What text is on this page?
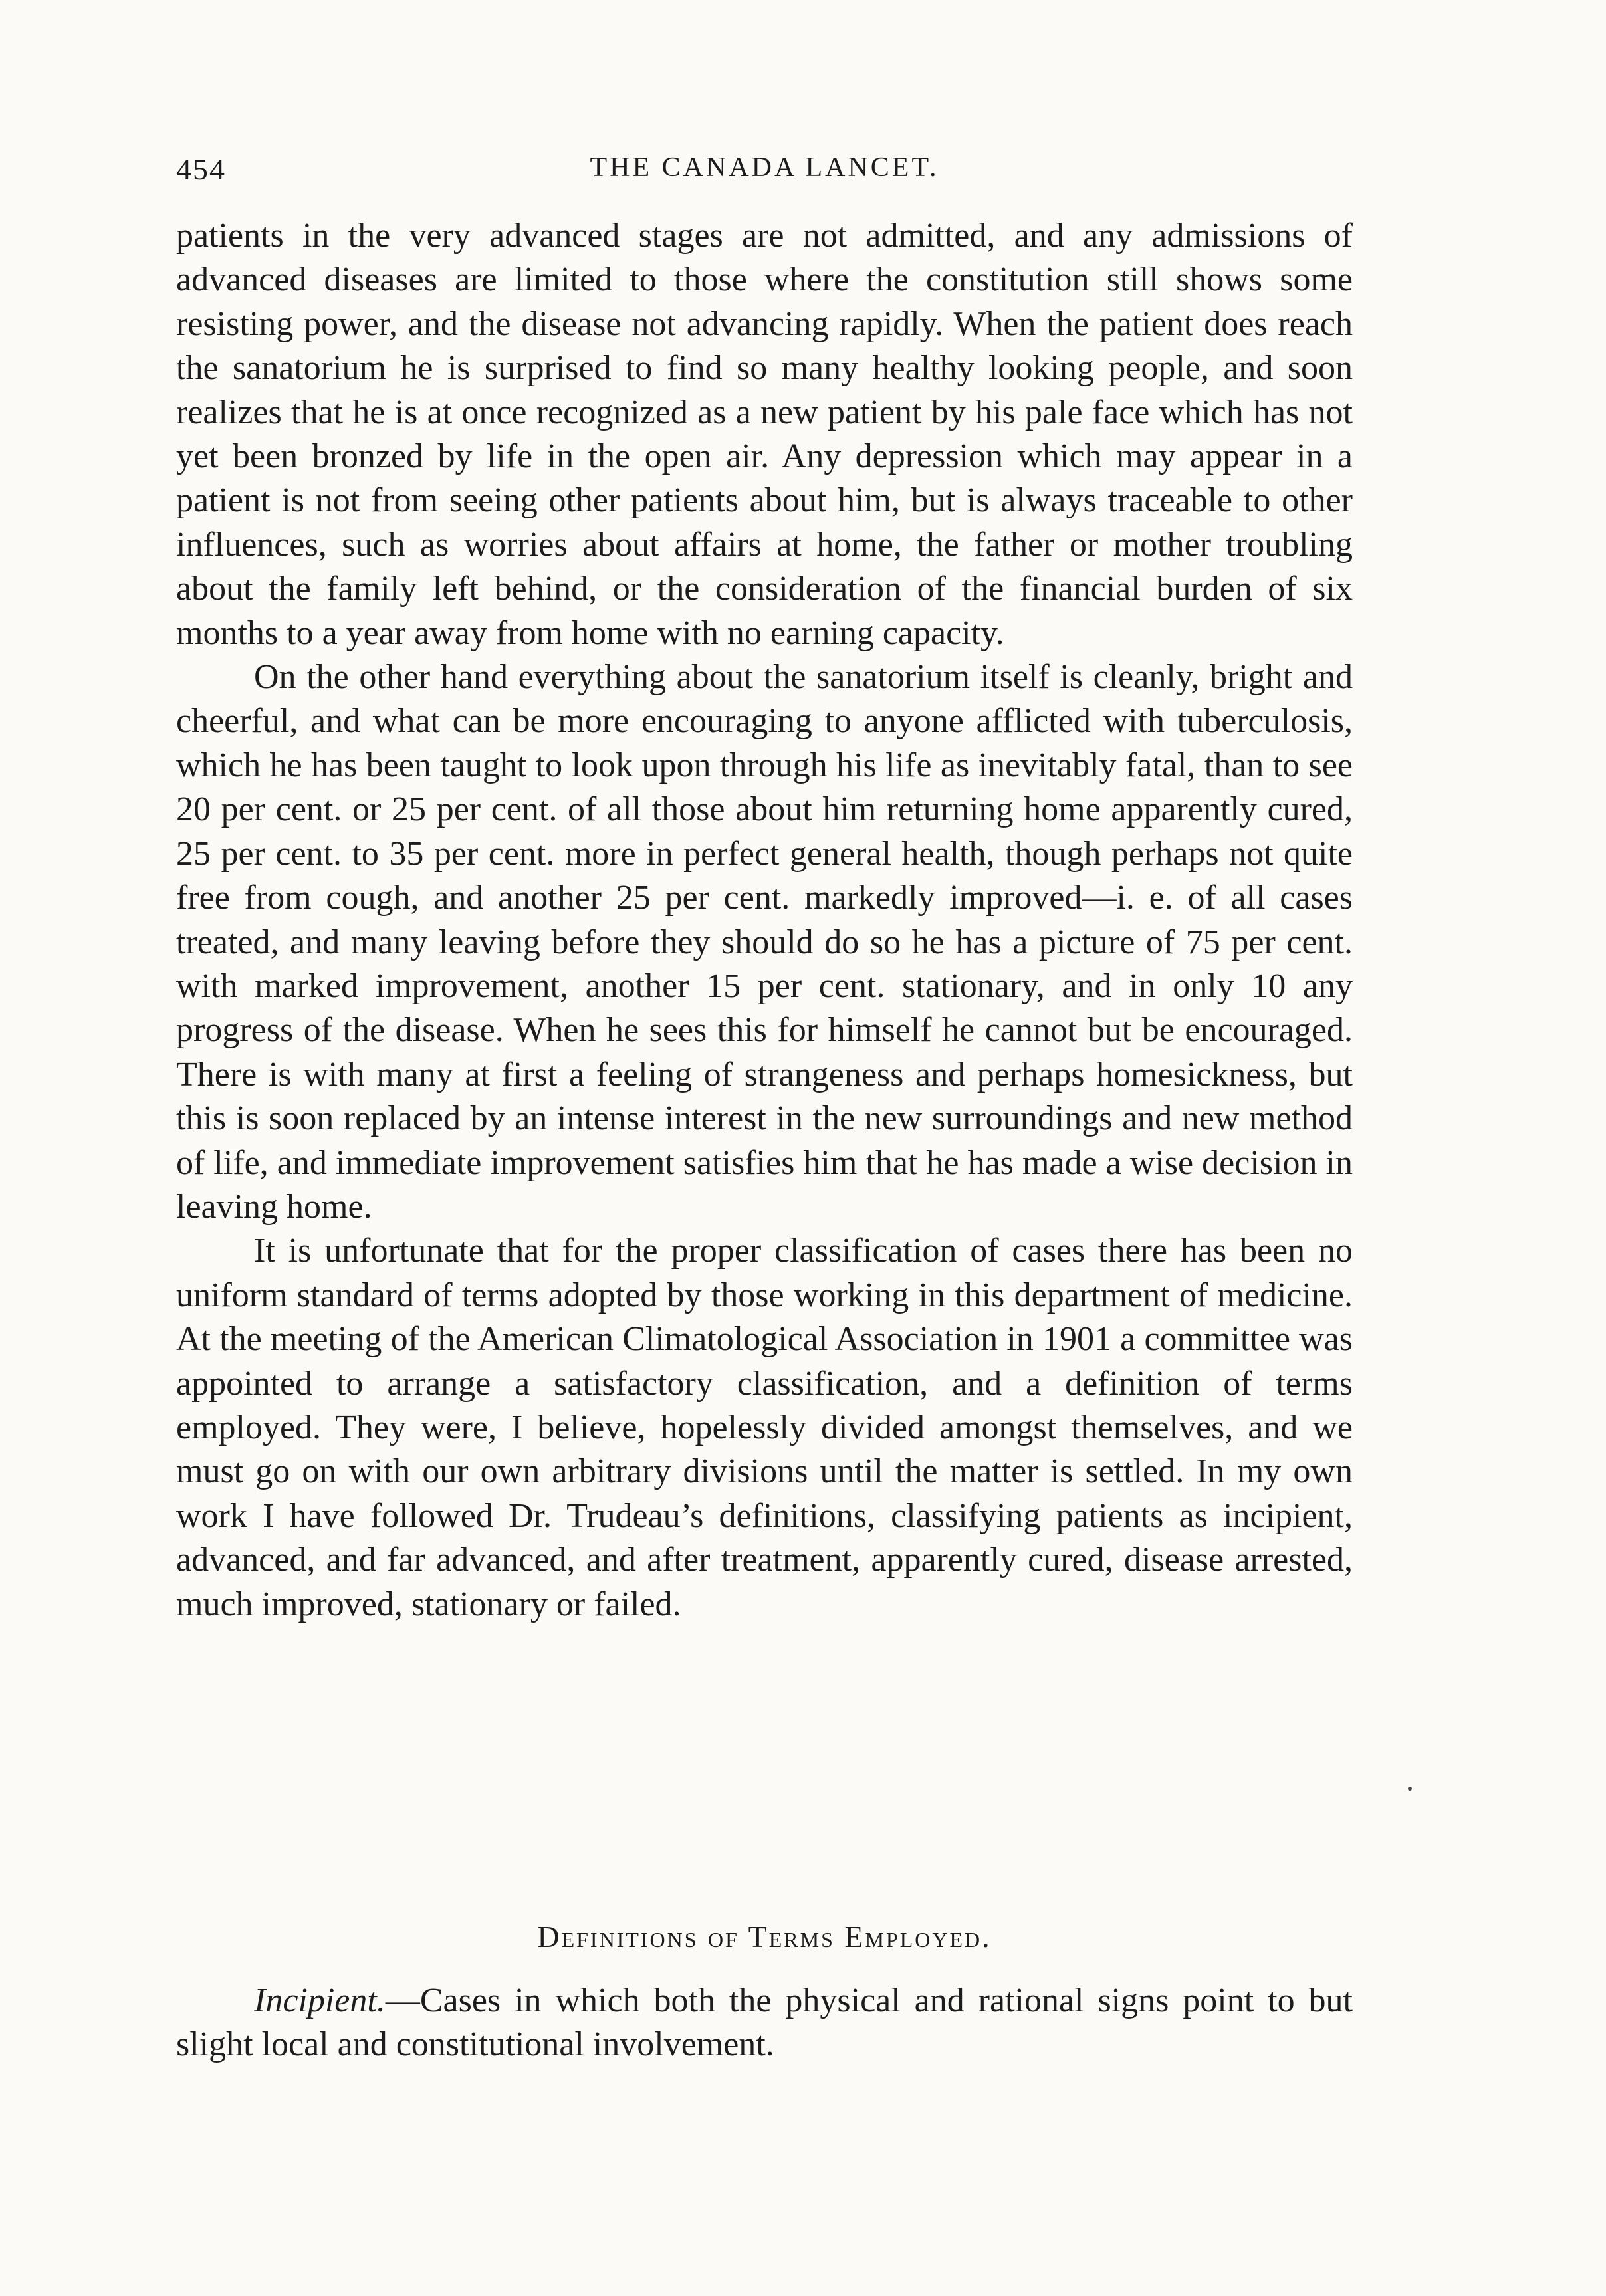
454	THE CANADA LANCET.

patients in the very advanced stages are not admitted, and any admissions of advanced diseases are limited to those where the constitution still shows some resisting power, and the disease not advancing rapidly. When the patient does reach the sanatorium he is surprised to find so many healthy looking people, and soon realizes that he is at once recognized as a new patient by his pale face which has not yet been bronzed by life in the open air. Any depression which may appear in a patient is not from seeing other patients about him, but is always traceable to other influences, such as worries about affairs at home, the father or mother troubling about the family left behind, or the consideration of the financial burden of six months to a year away from home with no earning capacity.

On the other hand everything about the sanatorium itself is cleanly, bright and cheerful, and what can be more encouraging to anyone afflicted with tuberculosis, which he has been taught to look upon through his life as inevitably fatal, than to see 20 per cent. or 25 per cent. of all those about him returning home apparently cured, 25 per cent. to 35 per cent. more in perfect general health, though perhaps not quite free from cough, and another 25 per cent. markedly improved—i. e. of all cases treated, and many leaving before they should do so he has a picture of 75 per cent. with marked improvement, another 15 per cent. stationary, and in only 10 any progress of the disease. When he sees this for himself he cannot but be encouraged. There is with many at first a feeling of strangeness and perhaps homesickness, but this is soon replaced by an intense interest in the new surroundings and new method of life, and immediate improvement satisfies him that he has made a wise decision in leaving home.

It is unfortunate that for the proper classification of cases there has been no uniform standard of terms adopted by those working in this department of medicine. At the meeting of the American Climatological Association in 1901 a committee was appointed to arrange a satisfactory classification, and a definition of terms employed. They were, I believe, hopelessly divided amongst themselves, and we must go on with our own arbitrary divisions until the matter is settled. In my own work I have followed Dr. Trudeau’s definitions, classifying patients as incipient, advanced, and far advanced, and after treatment, apparently cured, disease arrested, much improved, stationary or failed.

Definitions of Terms Employed.

Incipient.—Cases in which both the physical and rational signs point to but slight local and constitutional involvement.
